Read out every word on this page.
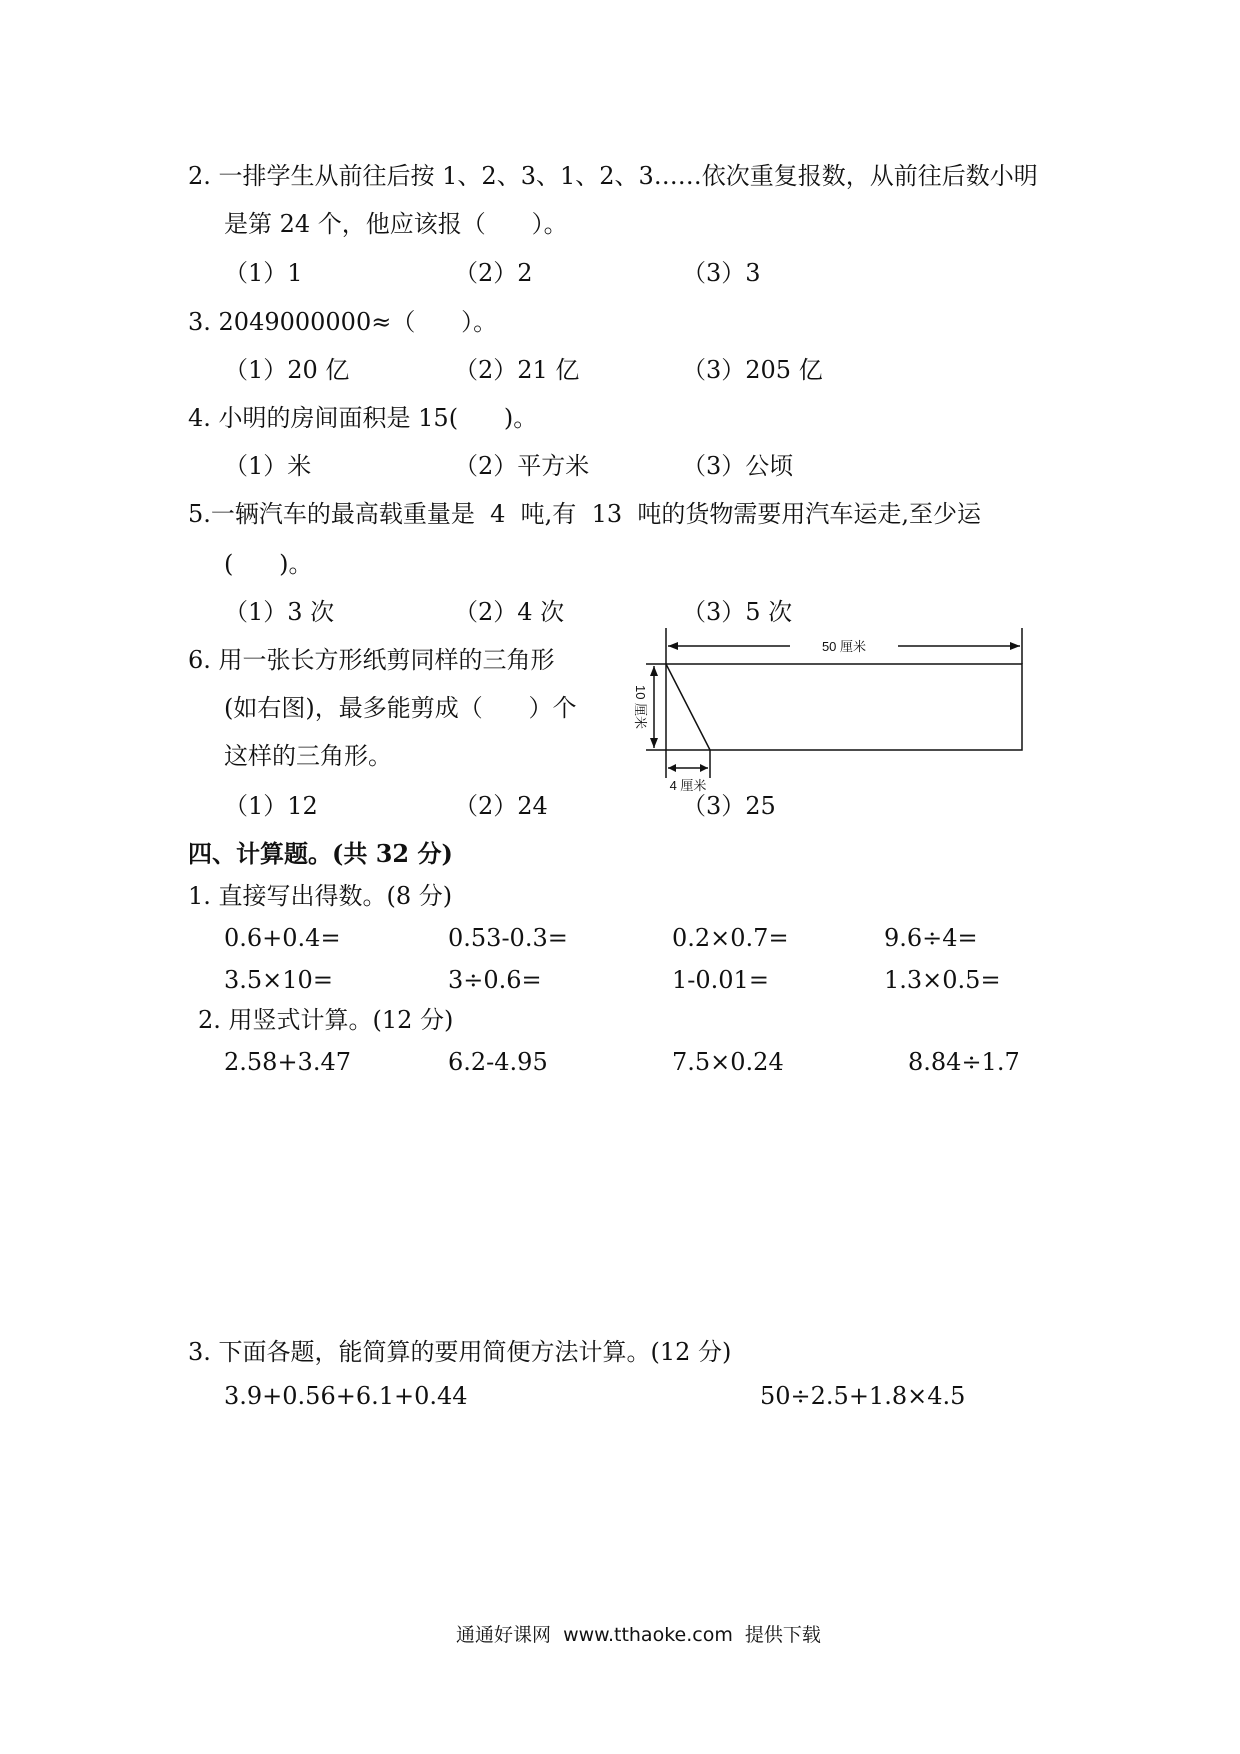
2. 一排学生从前往后按 1、2、3、1、2、3……依次重复报数，从前往后数小明
是第 24 个，他应该报（      ）。
（1）1	（2）2	（3）3
3. 2049000000≈（      ）。
（1）20 亿	（2）21 亿	（3）205 亿
4. 小明的房间面积是 15(      )。
（1）米	（2）平方米	（3）公顷
5.一辆汽车的最高载重量是  4  吨,有  13  吨的货物需要用汽车运走,至少运
(      )。
（1）3 次	（2）4 次	（3）5 次
6. 用一张长方形纸剪同样的三角形
(如右图)，最多能剪成（      ）个
这样的三角形。
50 厘米
10 厘米
4 厘米
（1）12	（2）24	（3）25
四、计算题。(共 32 分)
1. 直接写出得数。(8 分)
0.6+0.4=	0.53-0.3=	0.2×0.7=	9.6÷4=
3.5×10=	3÷0.6=	1-0.01=	1.3×0.5=
2. 用竖式计算。(12 分)
2.58+3.47	6.2-4.95	7.5×0.24	8.84÷1.7
3. 下面各题，能简算的要用简便方法计算。(12 分)
3.9+0.56+6.1+0.44	50÷2.5+1.8×4.5
通通好课网  www.tthaoke.com  提供下载
